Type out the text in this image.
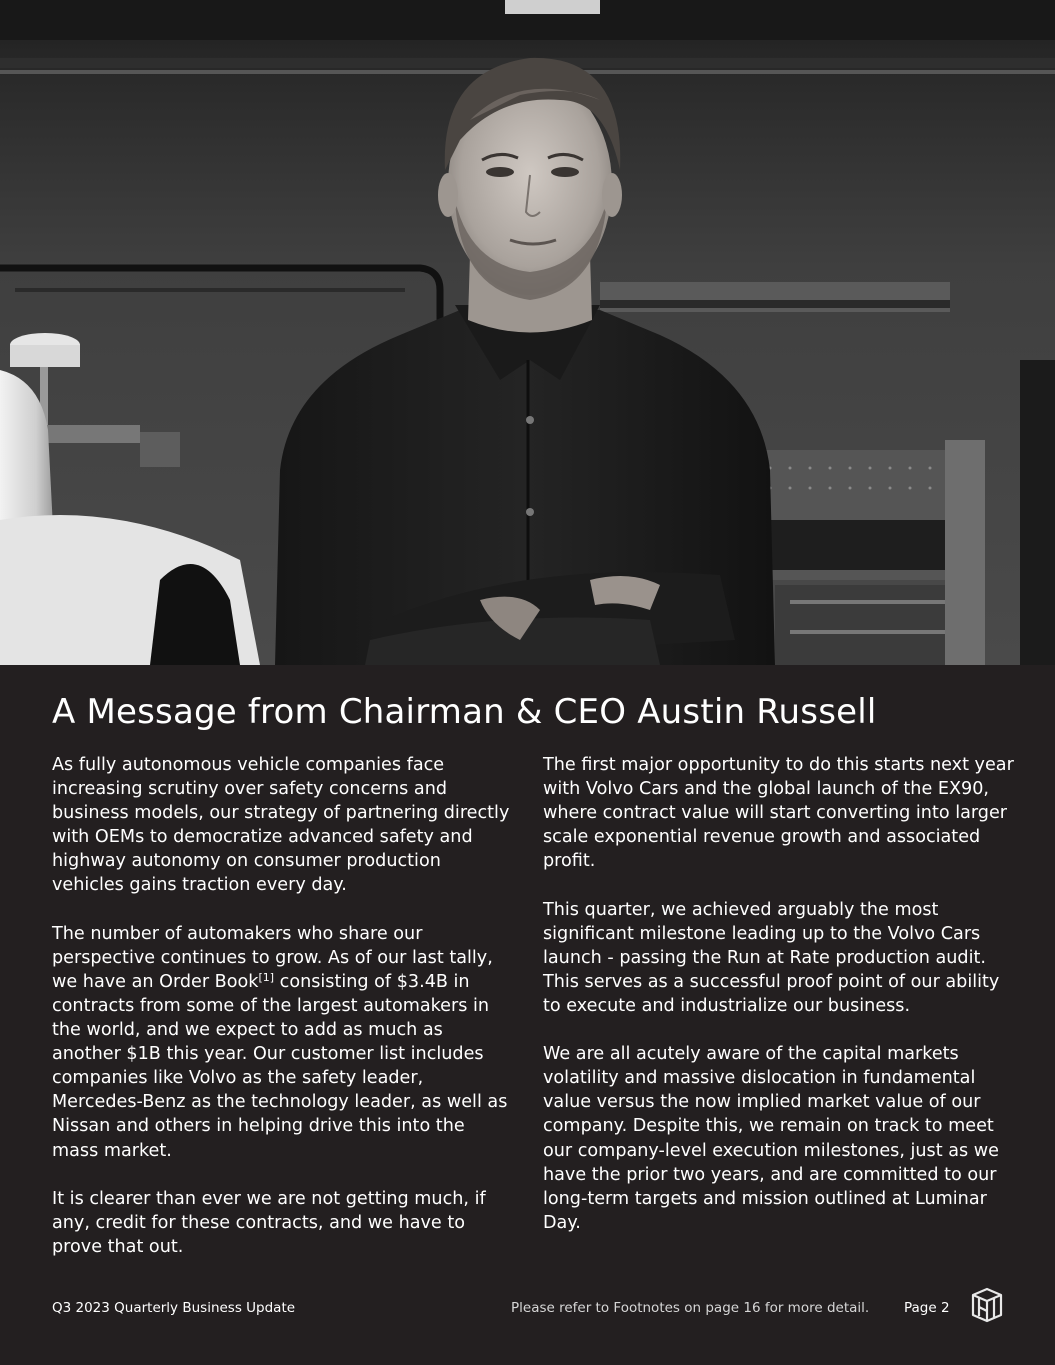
A Message from Chairman & CEO Austin Russell

As fully autonomous vehicle companies face increasing scrutiny over safety concerns and business models, our strategy of partnering directly with OEMs to democratize advanced safety and highway autonomy on consumer production vehicles gains traction every day.

The number of automakers who share our perspective continues to grow. As of our last tally, we have an Order Book[1] consisting of $3.4B in contracts from some of the largest automakers in the world, and we expect to add as much as another $1B this year. Our customer list includes companies like Volvo as the safety leader, Mercedes-Benz as the technology leader, as well as Nissan and others in helping drive this into the mass market.

It is clearer than ever we are not getting much, if any, credit for these contracts, and we have to prove that out.

The first major opportunity to do this starts next year with Volvo Cars and the global launch of the EX90, where contract value will start converting into larger scale exponential revenue growth and associated profit.

This quarter, we achieved arguably the most significant milestone leading up to the Volvo Cars launch - passing the Run at Rate production audit. This serves as a successful proof point of our ability to execute and industrialize our business.

We are all acutely aware of the capital markets volatility and massive dislocation in fundamental value versus the now implied market value of our company. Despite this, we remain on track to meet our company-level execution milestones, just as we have the prior two years, and are committed to our long-term targets and mission outlined at Luminar Day.

Q3 2023 Quarterly Business Update	Please refer to Footnotes on page 16 for more detail.	Page 2
